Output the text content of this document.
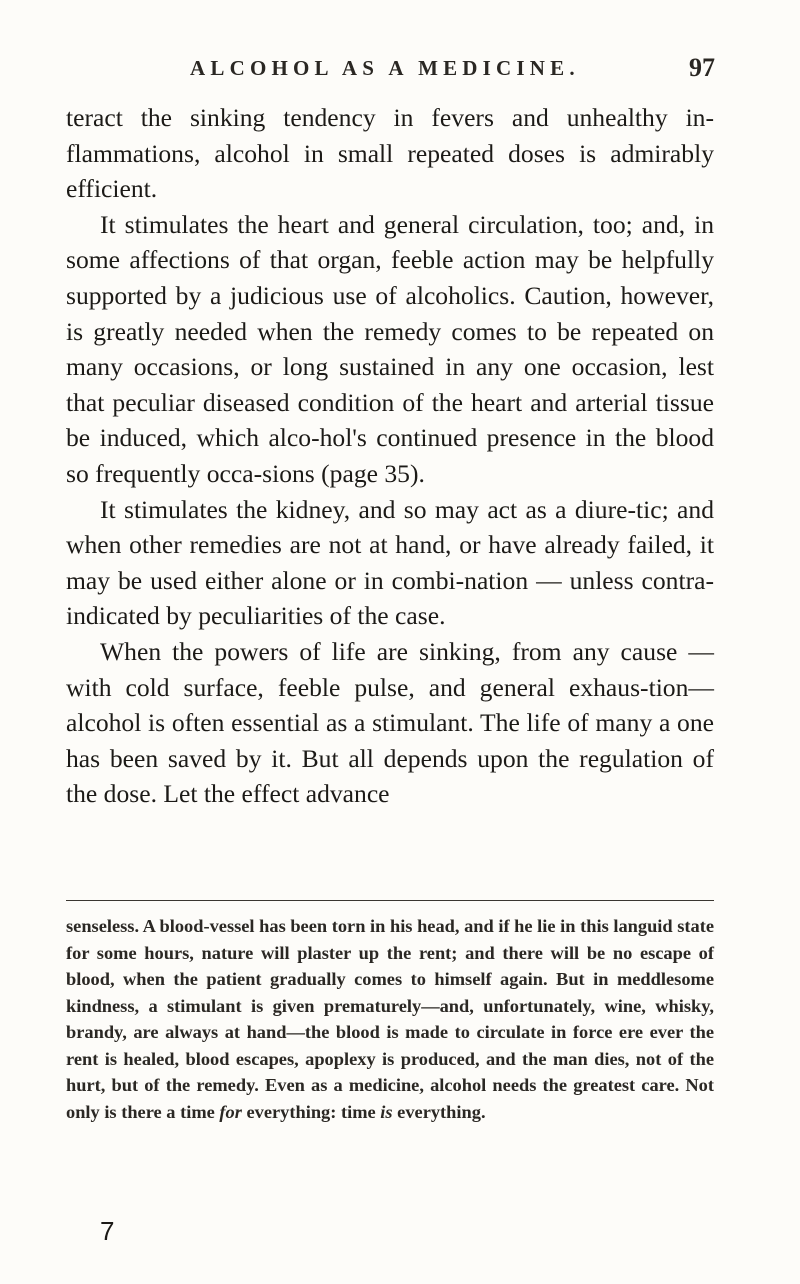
ALCOHOL AS A MEDICINE.	97

teract the sinking tendency in fevers and unhealthy in-flammations, alcohol in small repeated doses is admirably efficient.

It stimulates the heart and general circulation, too; and, in some affections of that organ, feeble action may be helpfully supported by a judicious use of alcoholics. Caution, however, is greatly needed when the remedy comes to be repeated on many occasions, or long sustained in any one occasion, lest that peculiar diseased condition of the heart and arterial tissue be induced, which alco-hol's continued presence in the blood so frequently occa-sions (page 35).

It stimulates the kidney, and so may act as a diure-tic; and when other remedies are not at hand, or have already failed, it may be used either alone or in combi-nation — unless contra-indicated by peculiarities of the case.

When the powers of life are sinking, from any cause — with cold surface, feeble pulse, and general exhaus-tion—alcohol is often essential as a stimulant. The life of many a one has been saved by it. But all depends upon the regulation of the dose. Let the effect advance

senseless. A blood-vessel has been torn in his head, and if he lie in this languid state for some hours, nature will plaster up the rent; and there will be no escape of blood, when the patient gradually comes to himself again. But in meddlesome kindness, a stimulant is given prematurely—and, unfortunately, wine, whisky, brandy, are always at hand—the blood is made to circulate in force ere ever the rent is healed, blood escapes, apoplexy is produced, and the man dies, not of the hurt, but of the remedy. Even as a medicine, alcohol needs the greatest care. Not only is there a time for everything: time is everything.

7
